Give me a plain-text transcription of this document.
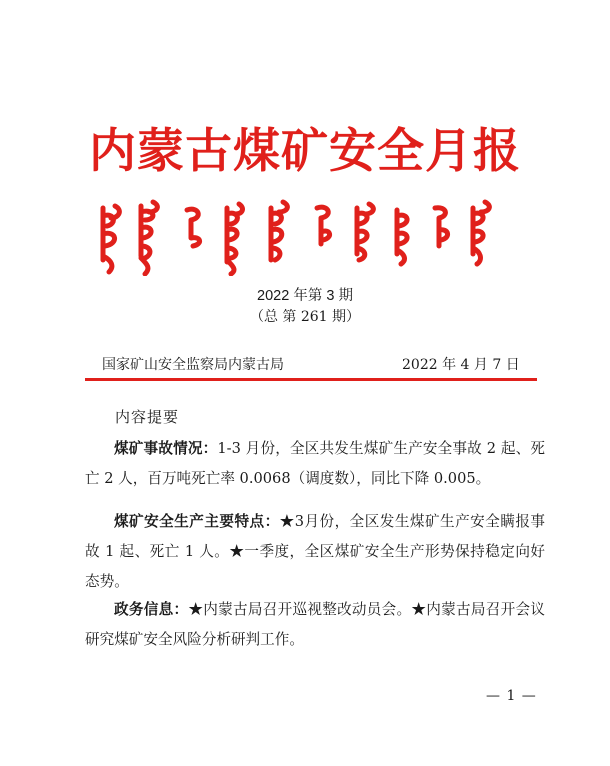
内蒙古煤矿安全月报
2022 年第 3 期
（总 第 261 期）
国家矿山安全监察局内蒙古局	2022 年 4 月 7 日
内容提要

煤矿事故情况：1-3 月份，全区共发生煤矿生产安全事故 2 起、死亡 2 人，百万吨死亡率 0.0068（调度数），同比下降 0.005。

煤矿安全生产主要特点：★3月份，全区发生煤矿生产安全瞒报事故 1 起、死亡 1 人。★一季度，全区煤矿安全生产形势保持稳定向好态势。

政务信息：★内蒙古局召开巡视整改动员会。★内蒙古局召开会议研究煤矿安全风险分析研判工作。

— 1 —
